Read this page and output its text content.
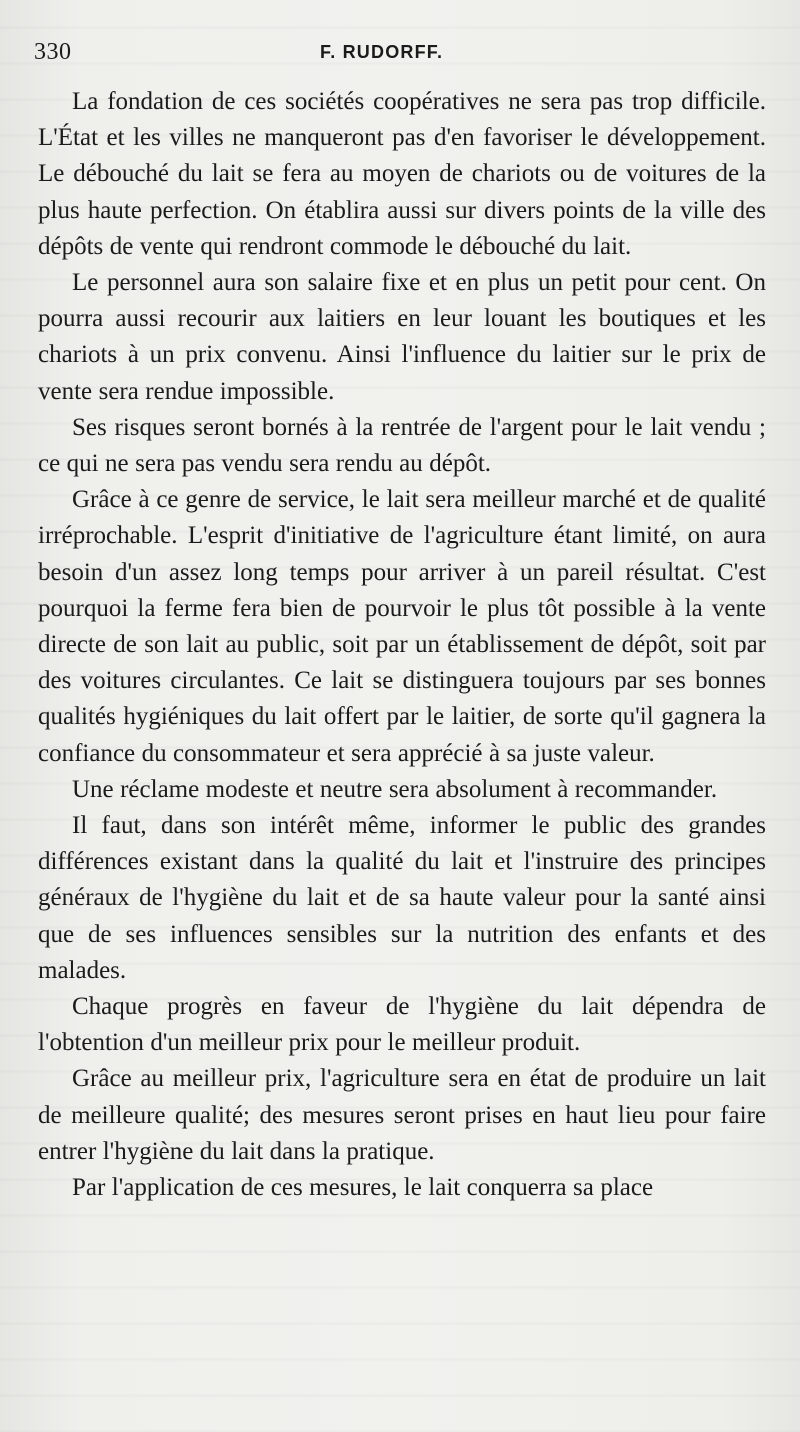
330	F. RUDORFF.

La fondation de ces sociétés coopératives ne sera pas trop difficile. L'État et les villes ne manqueront pas d'en favoriser le développement. Le débouché du lait se fera au moyen de chariots ou de voitures de la plus haute perfection. On établira aussi sur divers points de la ville des dépôts de vente qui rendront commode le débouché du lait.

Le personnel aura son salaire fixe et en plus un petit pour cent. On pourra aussi recourir aux laitiers en leur louant les boutiques et les chariots à un prix convenu. Ainsi l'influence du laitier sur le prix de vente sera rendue impossible.

Ses risques seront bornés à la rentrée de l'argent pour le lait vendu ; ce qui ne sera pas vendu sera rendu au dépôt.

Grâce à ce genre de service, le lait sera meilleur marché et de qualité irréprochable. L'esprit d'initiative de l'agriculture étant limité, on aura besoin d'un assez long temps pour arriver à un pareil résultat. C'est pourquoi la ferme fera bien de pourvoir le plus tôt possible à la vente directe de son lait au public, soit par un établissement de dépôt, soit par des voitures circulantes. Ce lait se distinguera toujours par ses bonnes qualités hygiéniques du lait offert par le laitier, de sorte qu'il gagnera la confiance du consommateur et sera apprécié à sa juste valeur.

Une réclame modeste et neutre sera absolument à recommander.

Il faut, dans son intérêt même, informer le public des grandes différences existant dans la qualité du lait et l'instruire des principes généraux de l'hygiène du lait et de sa haute valeur pour la santé ainsi que de ses influences sensibles sur la nutrition des enfants et des malades.

Chaque progrès en faveur de l'hygiène du lait dépendra de l'obtention d'un meilleur prix pour le meilleur produit.

Grâce au meilleur prix, l'agriculture sera en état de produire un lait de meilleure qualité; des mesures seront prises en haut lieu pour faire entrer l'hygiène du lait dans la pratique.

Par l'application de ces mesures, le lait conquerra sa place
